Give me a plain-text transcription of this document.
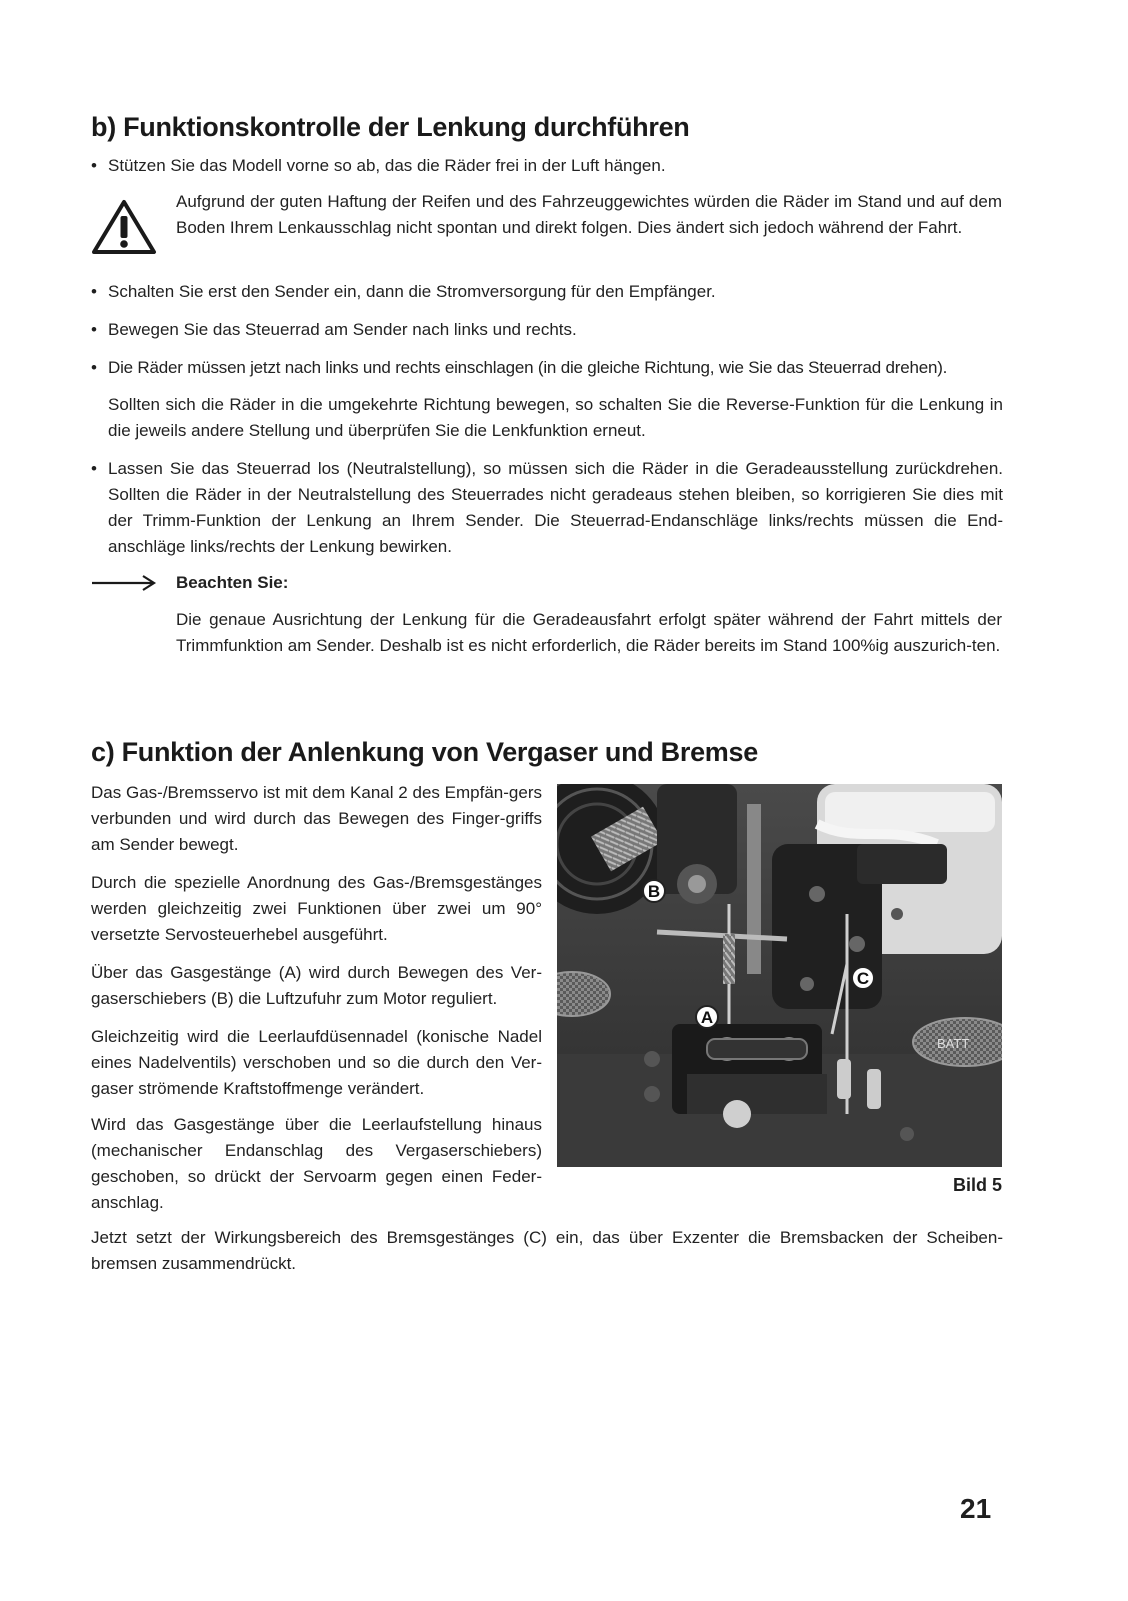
b) Funktionskontrolle der Lenkung durchführen
• Stützen Sie das Modell vorne so ab, das die Räder frei in der Luft hängen.

Aufgrund der guten Haftung der Reifen und des Fahrzeuggewichtes würden die Räder im Stand und auf dem Boden Ihrem Lenkausschlag nicht spontan und direkt folgen. Dies ändert sich jedoch während der Fahrt.

• Schalten Sie erst den Sender ein, dann die Stromversorgung für den Empfänger.

• Bewegen Sie das Steuerrad am Sender nach links und rechts.

• Die Räder müssen jetzt nach links und rechts einschlagen (in die gleiche Richtung, wie Sie das Steuerrad drehen).

Sollten sich die Räder in die umgekehrte Richtung bewegen, so schalten Sie die Reverse-Funktion für die Lenkung in die jeweils andere Stellung und überprüfen Sie die Lenkfunktion erneut.

• Lassen Sie das Steuerrad los (Neutralstellung), so müssen sich die Räder in die Geradeausstellung zurückdrehen. Sollten die Räder in der Neutralstellung des Steuerrades nicht geradeaus stehen bleiben, so korrigieren Sie dies mit der Trimm-Funktion der Lenkung an Ihrem Sender. Die Steuerrad-Endanschläge links/rechts müssen die End-anschläge links/rechts der Lenkung bewirken.

Beachten Sie:

Die genaue Ausrichtung der Lenkung für die Geradeausfahrt erfolgt später während der Fahrt mittels der Trimmfunktion am Sender. Deshalb ist es nicht erforderlich, die Räder bereits im Stand 100%ig auszurich-ten.

c) Funktion der Anlenkung von Vergaser und Bremse

Das Gas-/Bremsservo ist mit dem Kanal 2 des Empfän-gers verbunden und wird durch das Bewegen des Finger-griffs am Sender bewegt.

Durch die spezielle Anordnung des Gas-/Bremsgestänges werden gleichzeitig zwei Funktionen über zwei um 90° versetzte Servosteuerhebel ausgeführt.

Über das Gasgestänge (A) wird durch Bewegen des Ver-gaserschiebers (B) die Luftzufuhr zum Motor reguliert.

Gleichzeitig wird die Leerlaufdüsennadel (konische Nadel eines Nadelventils) verschoben und so die durch den Ver-gaser strömende Kraftstoffmenge verändert.

Wird das Gasgestänge über die Leerlaufstellung hinaus (mechanischer Endanschlag des Vergaserschiebers) geschoben, so drückt der Servoarm gegen einen Feder-anschlag.

BATT
B
C
A
Bild 5

Jetzt setzt der Wirkungsbereich des Bremsgestänges (C) ein, das über Exzenter die Bremsbacken der Scheiben-bremsen zusammendrückt.

21
